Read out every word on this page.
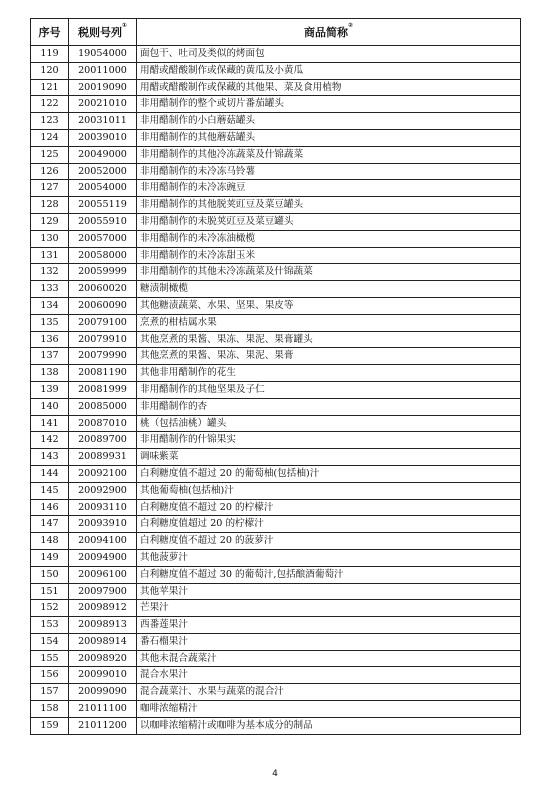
序号	税则号列①	商品简称②
119	19054000	面包干、吐司及类似的烤面包
120	20011000	用醋或醋酸制作或保藏的黄瓜及小黄瓜
121	20019090	用醋或醋酸制作或保藏的其他果、菜及食用植物
122	20021010	非用醋制作的整个或切片番茄罐头
123	20031011	非用醋制作的小白蘑菇罐头
124	20039010	非用醋制作的其他蘑菇罐头
125	20049000	非用醋制作的其他冷冻蔬菜及什锦蔬菜
126	20052000	非用醋制作的未冷冻马铃薯
127	20054000	非用醋制作的未冷冻豌豆
128	20055119	非用醋制作的其他脱荚豇豆及菜豆罐头
129	20055910	非用醋制作的未脱荚豇豆及菜豆罐头
130	20057000	非用醋制作的未冷冻油橄榄
131	20058000	非用醋制作的未冷冻甜玉米
132	20059999	非用醋制作的其他未冷冻蔬菜及什锦蔬菜
133	20060020	糖渍制橄榄
134	20060090	其他糖渍蔬菜、水果、坚果、果皮等
135	20079100	烹煮的柑桔属水果
136	20079910	其他烹煮的果酱、果冻、果泥、果膏罐头
137	20079990	其他烹煮的果酱、果冻、果泥、果膏
138	20081190	其他非用醋制作的花生
139	20081999	非用醋制作的其他坚果及子仁
140	20085000	非用醋制作的杏
141	20087010	桃（包括油桃）罐头
142	20089700	非用醋制作的什锦果实
143	20089931	调味紫菜
144	20092100	白利糖度值不超过 20 的葡萄柚(包括柚)汁
145	20092900	其他葡萄柚(包括柚)汁
146	20093110	白利糖度值不超过 20 的柠檬汁
147	20093910	白利糖度值超过 20 的柠檬汁
148	20094100	白利糖度值不超过 20 的菠萝汁
149	20094900	其他菠萝汁
150	20096100	白利糖度值不超过 30 的葡萄汁,包括酿酒葡萄汁
151	20097900	其他苹果汁
152	20098912	芒果汁
153	20098913	西番莲果汁
154	20098914	番石榴果汁
155	20098920	其他未混合蔬菜汁
156	20099010	混合水果汁
157	20099090	混合蔬菜汁、水果与蔬菜的混合汁
158	21011100	咖啡浓缩精汁
159	21011200	以咖啡浓缩精汁或咖啡为基本成分的制品
4
